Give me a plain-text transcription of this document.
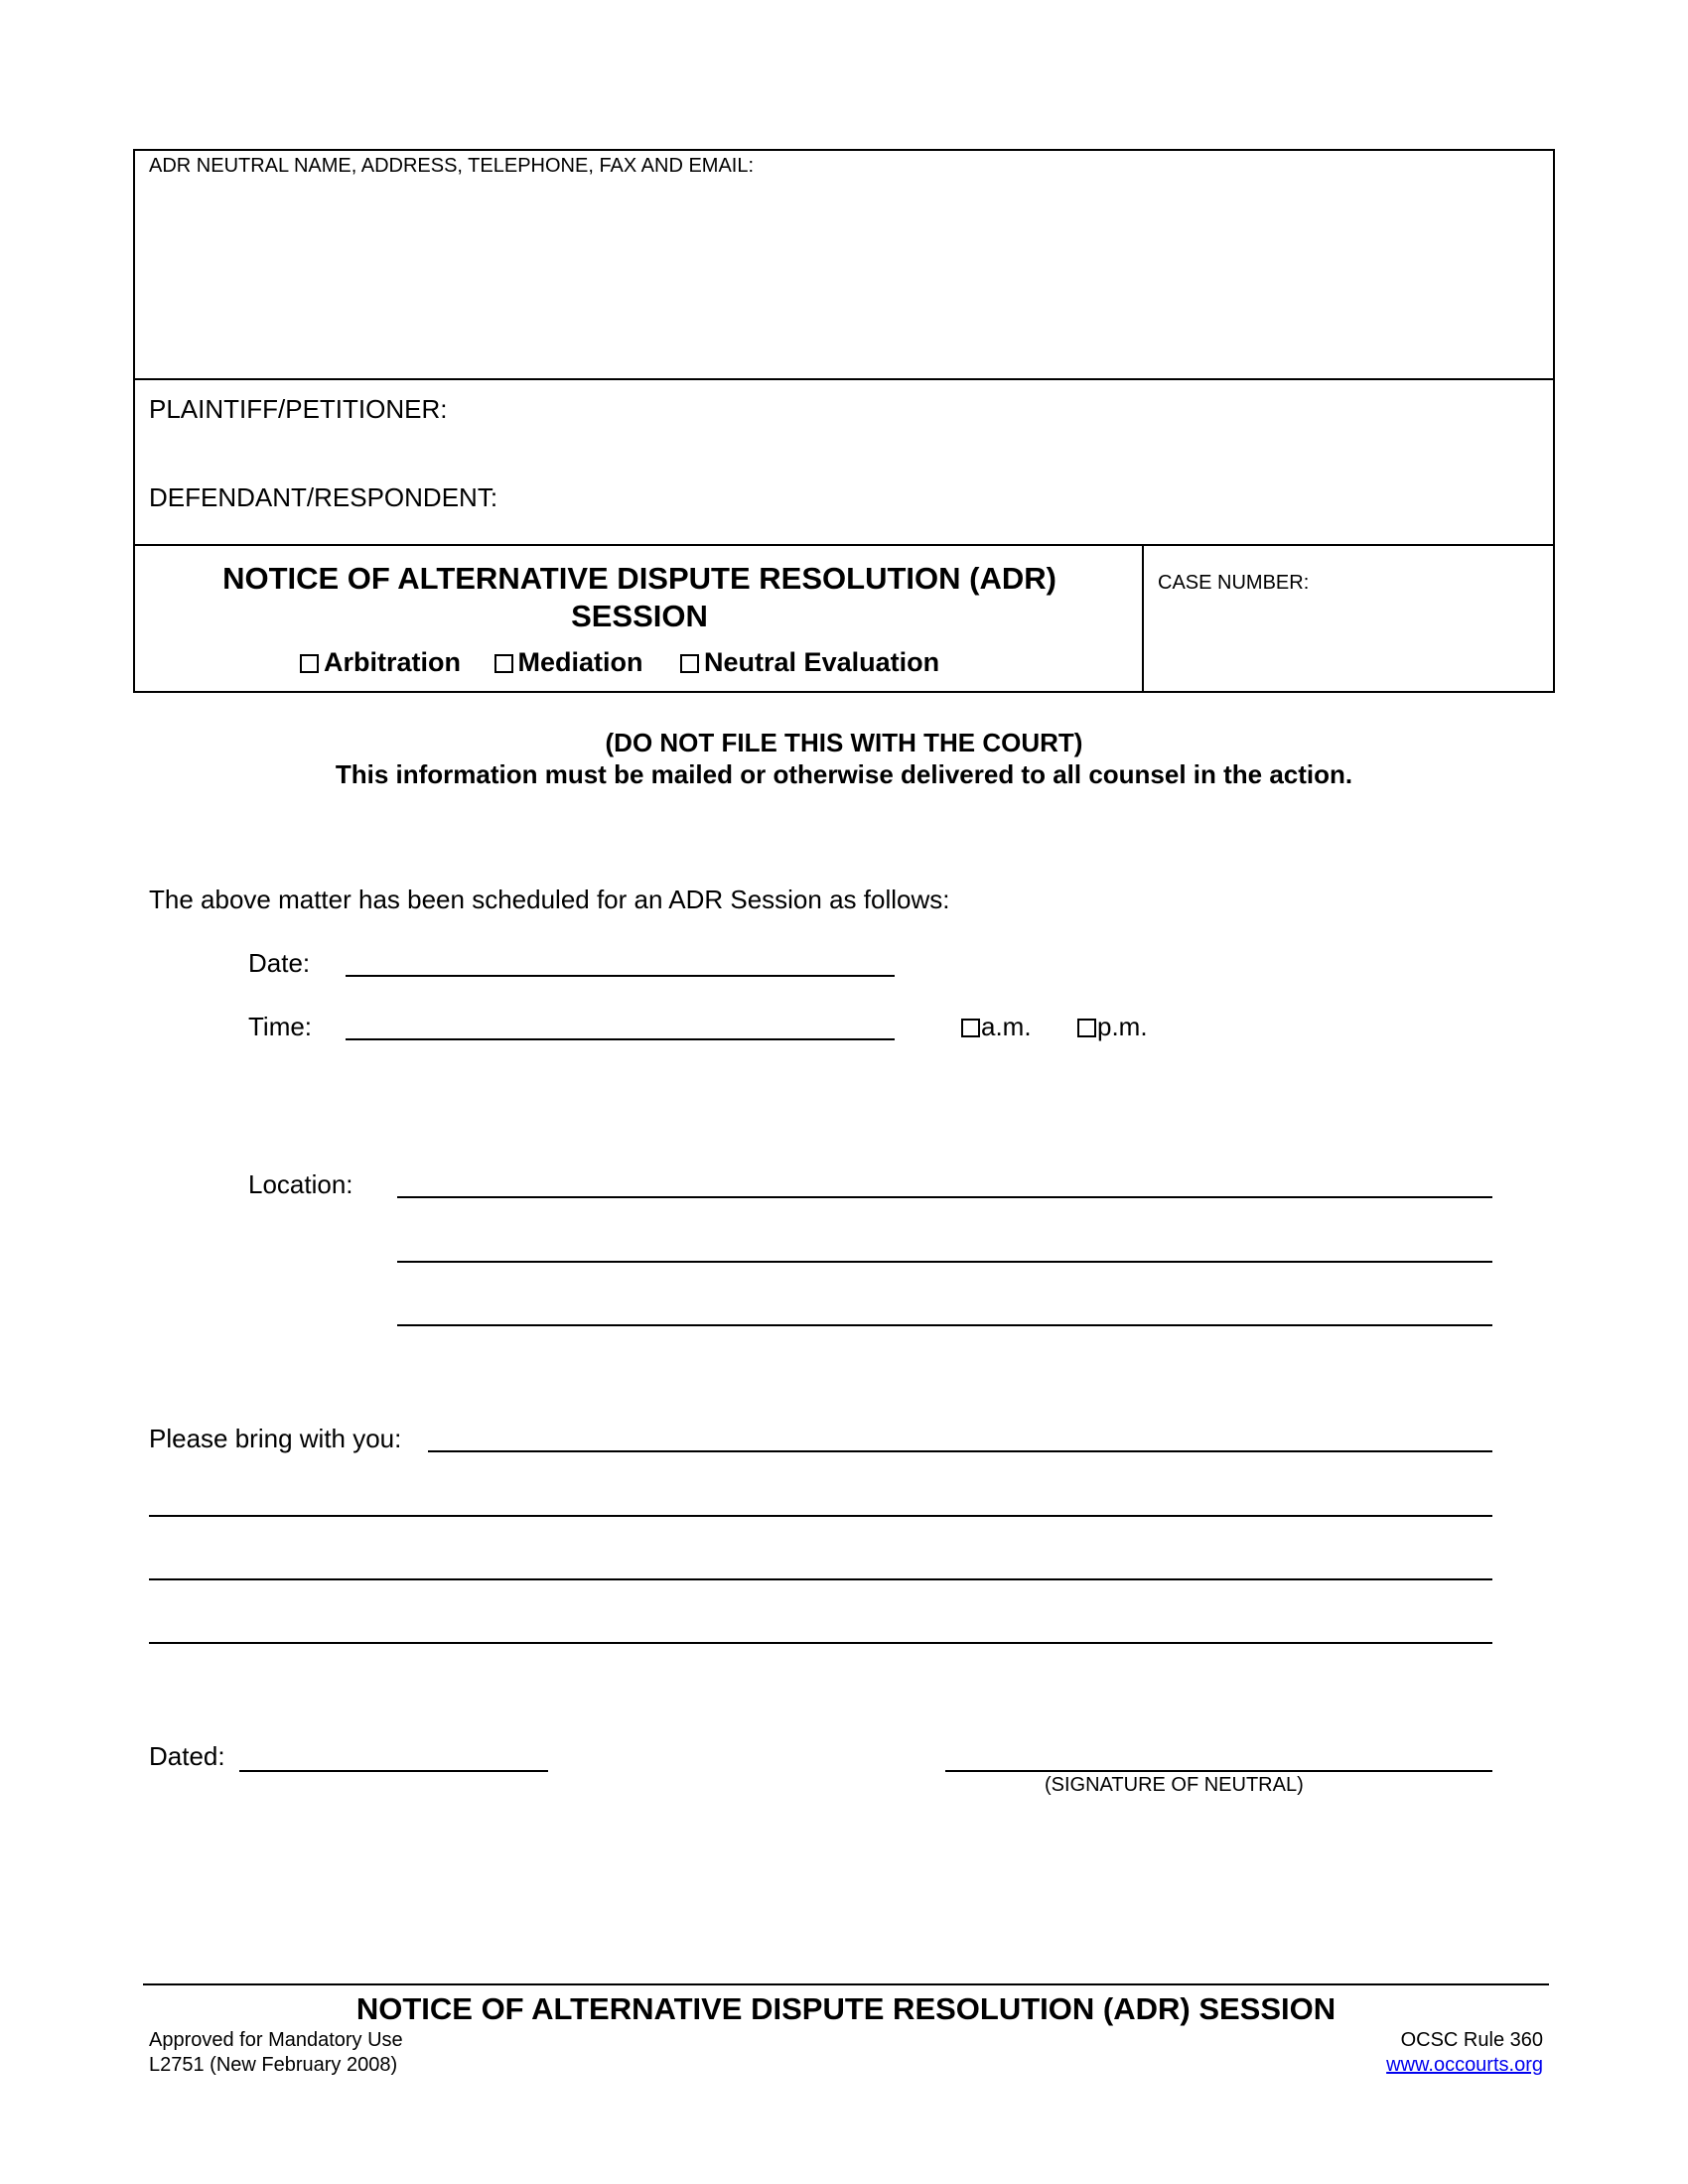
ADR NEUTRAL NAME, ADDRESS, TELEPHONE, FAX AND EMAIL:
PLAINTIFF/PETITIONER:
DEFENDANT/RESPONDENT:
NOTICE OF ALTERNATIVE DISPUTE RESOLUTION (ADR)
SESSION
Arbitration Mediation Neutral Evaluation
CASE NUMBER:
(DO NOT FILE THIS WITH THE COURT)
This information must be mailed or otherwise delivered to all counsel in the action.
The above matter has been scheduled for an ADR Session as follows:
Date:
Time:	a.m.	p.m.
Location:
Please bring with you:
Dated:
(SIGNATURE OF NEUTRAL)
NOTICE OF ALTERNATIVE DISPUTE RESOLUTION (ADR) SESSION
Approved for Mandatory Use
L2751 (New February 2008)
OCSC Rule 360
www.occourts.org
